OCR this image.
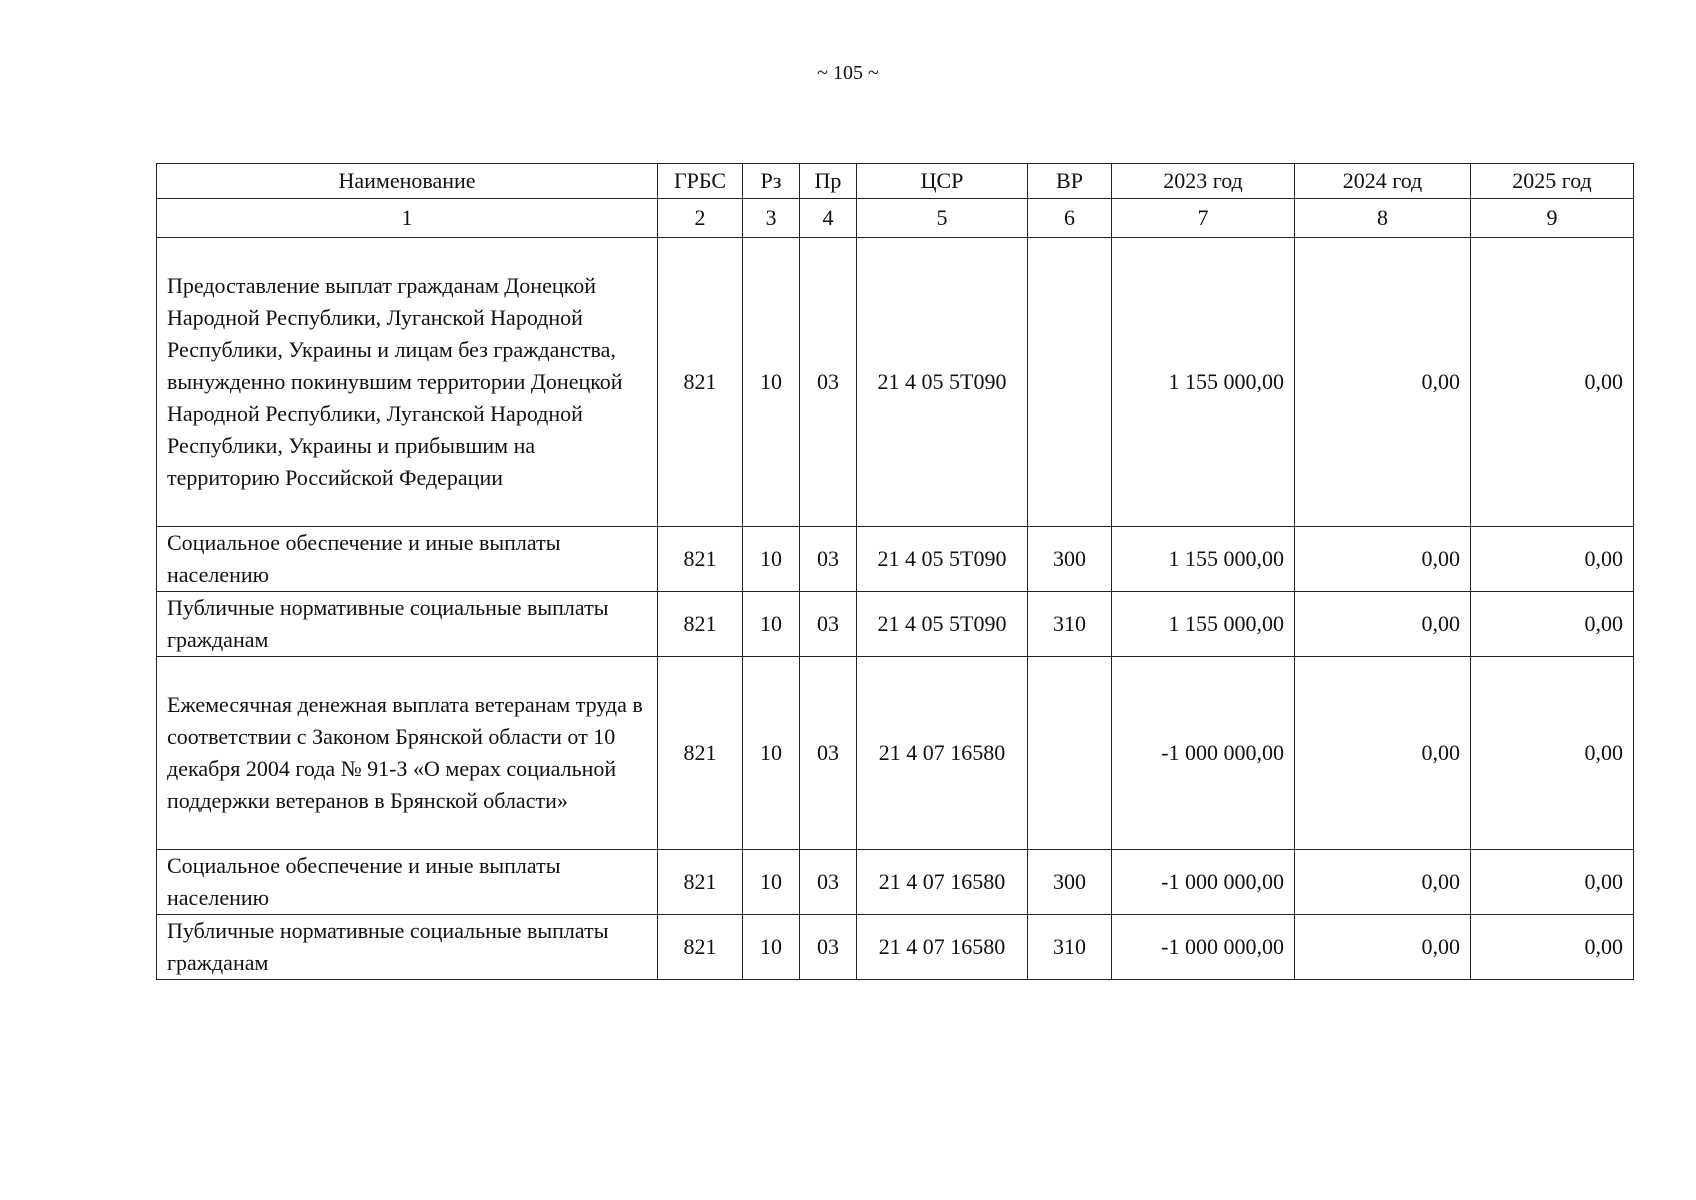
~ 105 ~
Наименование	ГРБС	Рз	Пр	ЦСР	ВР	2023 год	2024 год	2025 год
1	2	3	4	5	6	7	8	9
Предоставление выплат гражданам Донецкой Народной Республики, Луганской Народной Республики, Украины и лицам без гражданства, вынужденно покинувшим территории Донецкой Народной Республики, Луганской Народной Республики, Украины и прибывшим на территорию Российской Федерации	821	10	03	21 4 05 5Т090		1 155 000,00	0,00	0,00
Социальное обеспечение и иные выплаты населению	821	10	03	21 4 05 5Т090	300	1 155 000,00	0,00	0,00
Публичные нормативные социальные выплаты гражданам	821	10	03	21 4 05 5Т090	310	1 155 000,00	0,00	0,00
Ежемесячная денежная выплата ветеранам труда в соответствии с Законом Брянской области от 10 декабря 2004 года № 91-З «О мерах социальной поддержки ветеранов в Брянской области»	821	10	03	21 4 07 16580		-1 000 000,00	0,00	0,00
Социальное обеспечение и иные выплаты населению	821	10	03	21 4 07 16580	300	-1 000 000,00	0,00	0,00
Публичные нормативные социальные выплаты гражданам	821	10	03	21 4 07 16580	310	-1 000 000,00	0,00	0,00
